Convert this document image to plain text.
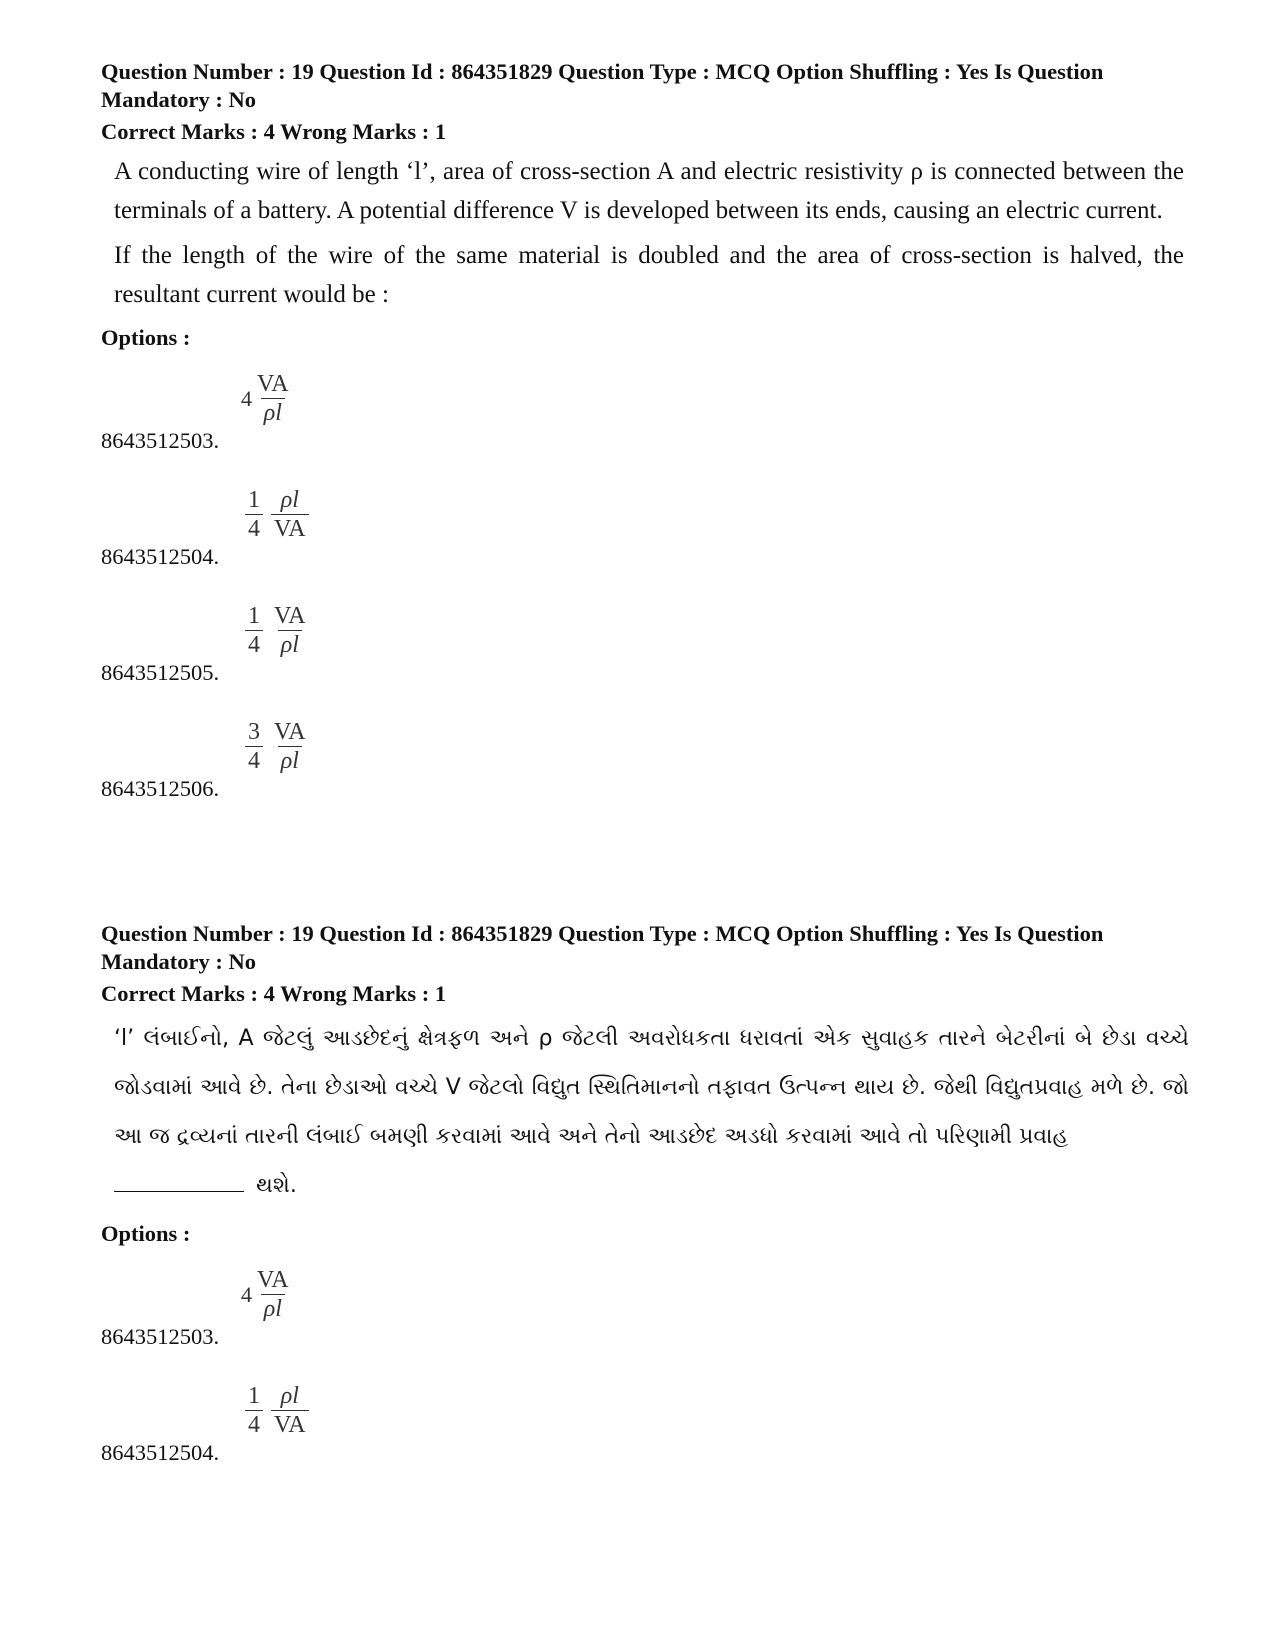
Question Number : 19 Question Id : 864351829 Question Type : MCQ Option Shuffling : Yes Is Question Mandatory : No
Correct Marks : 4 Wrong Marks : 1

A conducting wire of length ‘l’, area of cross-section A and electric resistivity ρ is connected between the terminals of a battery. A potential difference V is developed between its ends, causing an electric current.

If the length of the wire of the same material is doubled and the area of cross-section is halved, the resultant current would be :

Options :
$4 \frac{VA}{\rho l}$
8643512503.
$\frac{1}{4} \frac{\rho l}{VA}$
8643512504.
$\frac{1}{4} \frac{VA}{\rho l}$
8643512505.
$\frac{3}{4} \frac{VA}{\rho l}$
8643512506.
Question Number : 19 Question Id : 864351829 Question Type : MCQ Option Shuffling : Yes Is Question Mandatory : No
Correct Marks : 4 Wrong Marks : 1

‘l’ લંબાઈનો, A જેટલું આડછેદનું ક્ષેત્રફળ અને ρ જેટલી અવરોધકતા ધરાવતાં એક સુવાહક તારને બેટરીનાં બે છેડા વચ્ચે જોડવામાં આવે છે. તેના છેડાઓ વચ્ચે V જેટલો વિદ્યુત સ્થિતિમાનનો તફાવત ઉત્પન્ન થાય છે. જેથી વિદ્યુતપ્રવાહ મળે છે. જો આ જ દ્રવ્યનાં તારની લંબાઈ બમણી કરવામાં આવે અને તેનો આડછેદ અડધો કરવામાં આવે તો પરિણામી પ્રવાહ

થશે.

Options :
$4 \frac{VA}{\rho l}$
8643512503.
$\frac{1}{4} \frac{\rho l}{VA}$
8643512504.
